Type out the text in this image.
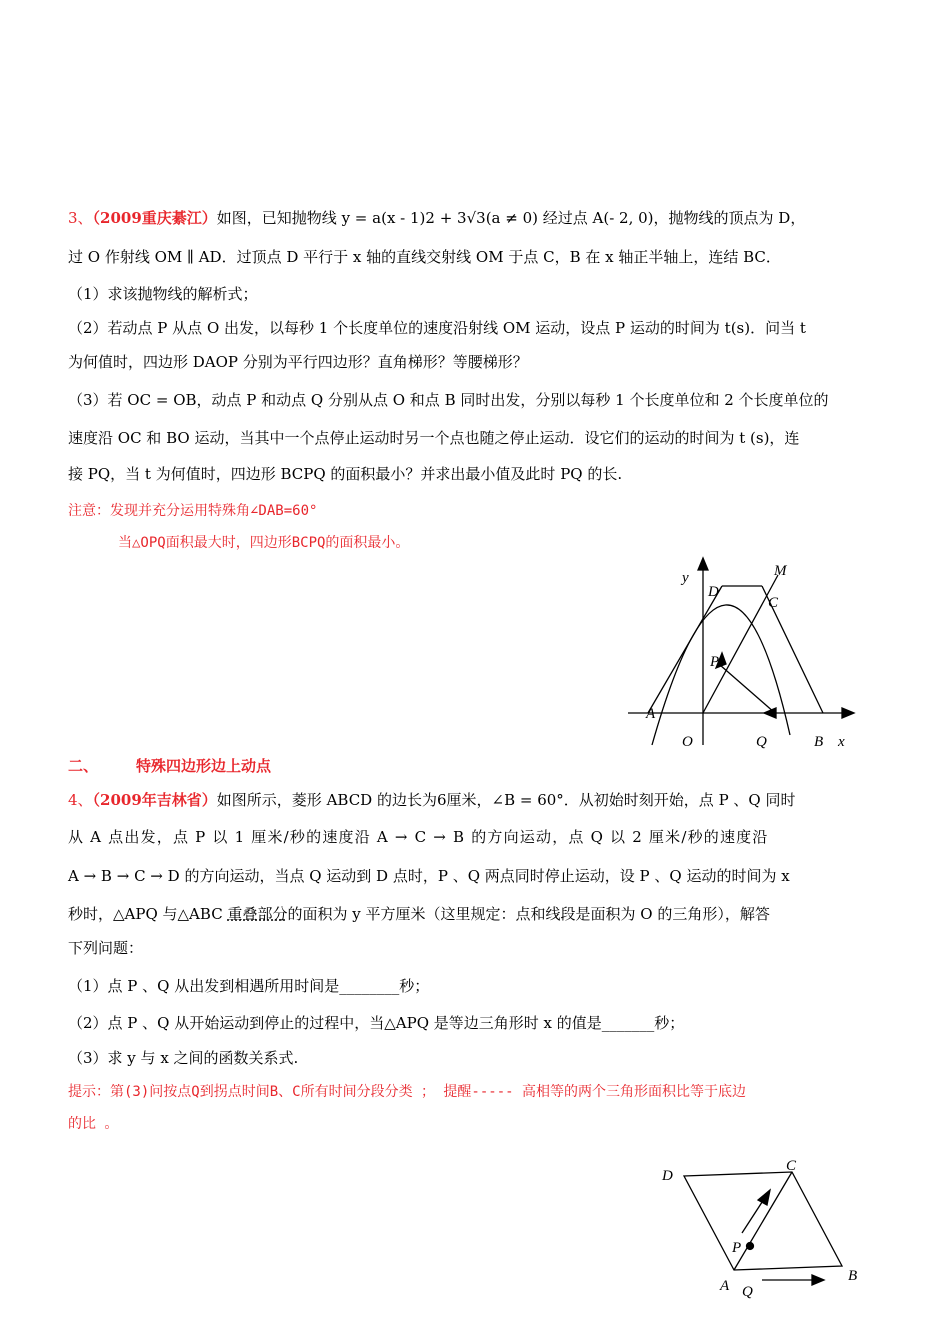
3、（2009重庆綦江）如图，已知抛物线 y = a(x - 1)2 + 3√3(a ≠ 0) 经过点 A(- 2, 0)，抛物线的顶点为 D，
过 O 作射线 OM ∥ AD．过顶点 D 平行于 x 轴的直线交射线 OM 于点 C，B 在 x 轴正半轴上，连结 BC．
（1）求该抛物线的解析式；
（2）若动点 P 从点 O 出发，以每秒 1 个长度单位的速度沿射线 OM 运动，设点 P 运动的时间为 t(s)．问当 t
为何值时，四边形 DAOP 分别为平行四边形？直角梯形？等腰梯形？
（3）若 OC = OB，动点 P 和动点 Q 分别从点 O 和点 B 同时出发，分别以每秒 1 个长度单位和 2 个长度单位的
速度沿 OC 和 BO 运动，当其中一个点停止运动时另一个点也随之停止运动．设它们的运动的时间为 t (s)，连
接 PQ，当 t 为何值时，四边形 BCPQ 的面积最小？并求出最小值及此时 PQ 的长.
注意：发现并充分运用特殊角∠DAB=60°
当△OPQ面积最大时，四边形BCPQ的面积最小。
y	M
D
C
P
A
O	Q	B x
二、	特殊四边形边上动点
4、（2009年吉林省）如图所示，菱形 ABCD 的边长为6厘米，∠B = 60°．从初始时刻开始，点 P 、Q 同时
从 A 点出发，点 P 以 1 厘米/秒的速度沿 A → C → B 的方向运动，点 Q 以 2 厘米/秒的速度沿
A → B → C → D 的方向运动，当点 Q 运动到 D 点时，P 、Q 两点同时停止运动，设 P 、Q 运动的时间为 x
秒时，△APQ 与△ABC 重叠部分的面积为 y 平方厘米（这里规定：点和线段是面积为 O 的三角形），解答
下列问题：
（1）点 P 、Q 从出发到相遇所用时间是________秒；
（2）点 P 、Q 从开始运动到停止的过程中，当△APQ 是等边三角形时 x 的值是_______秒；
（3）求 y 与 x 之间的函数关系式.
提示：第(3)问按点Q到拐点时间B、C所有时间分段分类 ； 提醒----- 高相等的两个三角形面积比等于底边
的比 。
D
C
P
A Q
B
